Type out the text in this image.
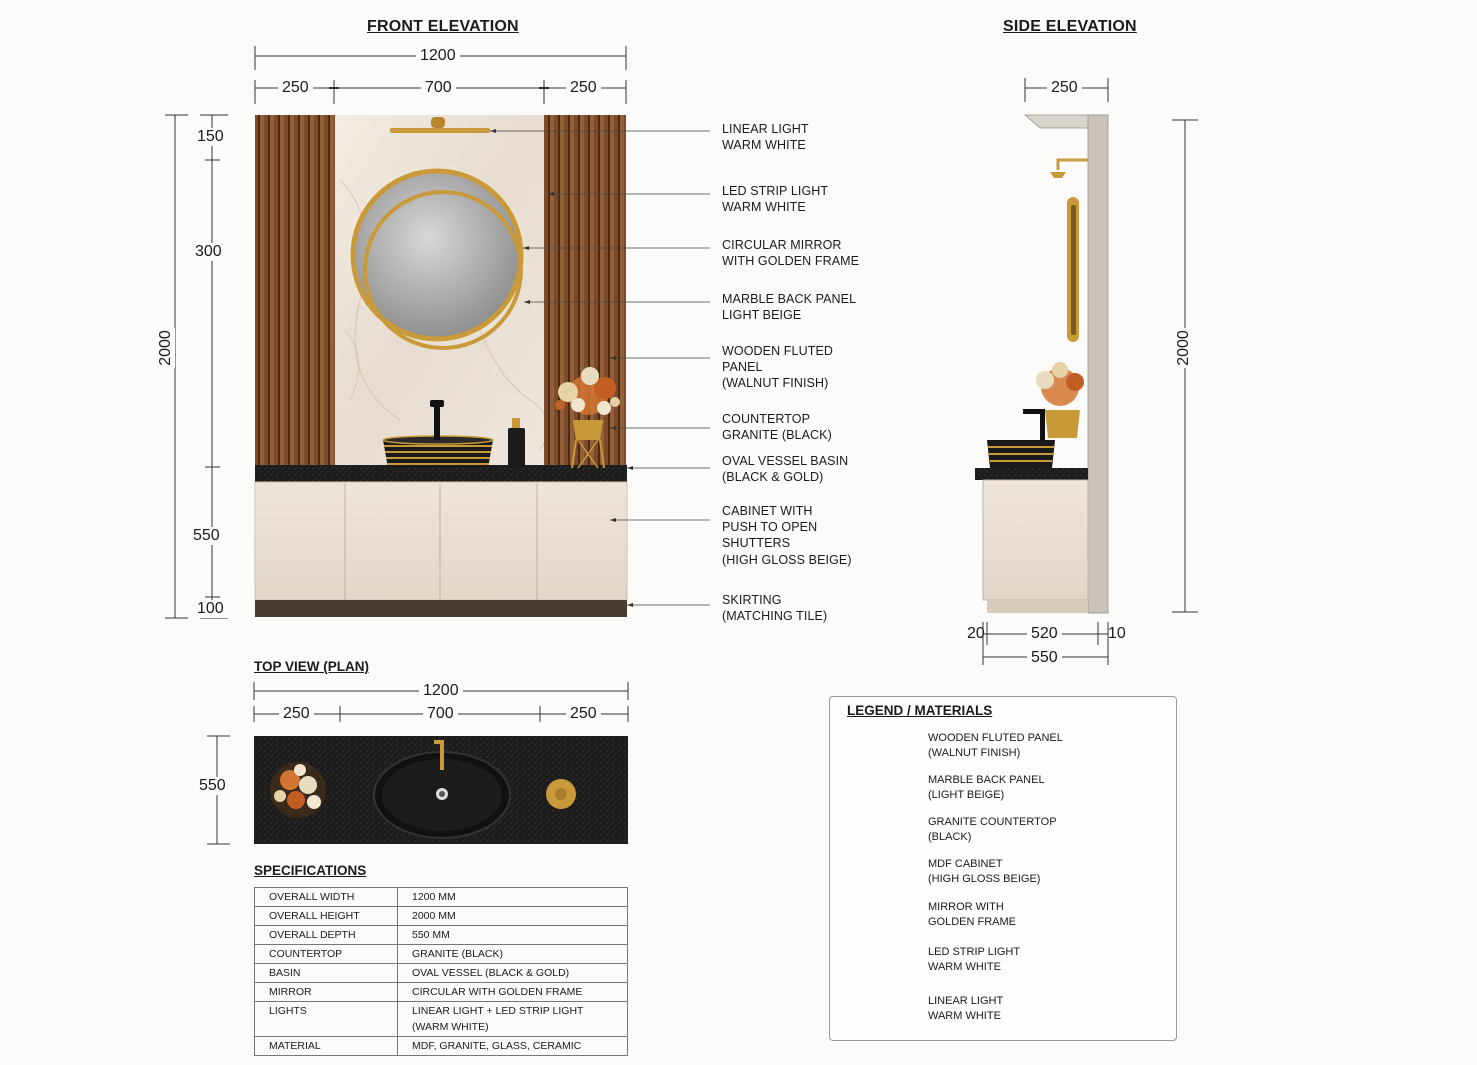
FRONT ELEVATION	SIDE ELEVATION
TOP VIEW (PLAN)
SPECIFICATIONS
1200
250	700	250
2000
150
300
550
100
LINEAR LIGHT
WARM WHITE
LED STRIP LIGHT
WARM WHITE
CIRCULAR MIRROR
WITH GOLDEN FRAME
MARBLE BACK PANEL
LIGHT BEIGE
WOODEN FLUTED
PANEL
(WALNUT FINISH)
COUNTERTOP
GRANITE (BLACK)
OVAL VESSEL BASIN
(BLACK & GOLD)
CABINET WITH
PUSH TO OPEN
SHUTTERS
(HIGH GLOSS BEIGE)
SKIRTING
(MATCHING TILE)
250
2000
20	520	10
550
1200
250	700	250
550
OVERALL WIDTH	1200 MM
OVERALL HEIGHT	2000 MM
OVERALL DEPTH	550 MM
COUNTERTOP	GRANITE (BLACK)
BASIN	OVAL VESSEL (BLACK & GOLD)
MIRROR	CIRCULAR WITH GOLDEN FRAME
LIGHTS	LINEAR LIGHT + LED STRIP LIGHT
(WARM WHITE)
MATERIAL	MDF, GRANITE, GLASS, CERAMIC
LEGEND / MATERIALS
WOODEN FLUTED PANEL
(WALNUT FINISH)
MARBLE BACK PANEL
(LIGHT BEIGE)
GRANITE COUNTERTOP
(BLACK)
MDF CABINET
(HIGH GLOSS BEIGE)
MIRROR WITH
GOLDEN FRAME
LED STRIP LIGHT
WARM WHITE
LINEAR LIGHT
WARM WHITE
